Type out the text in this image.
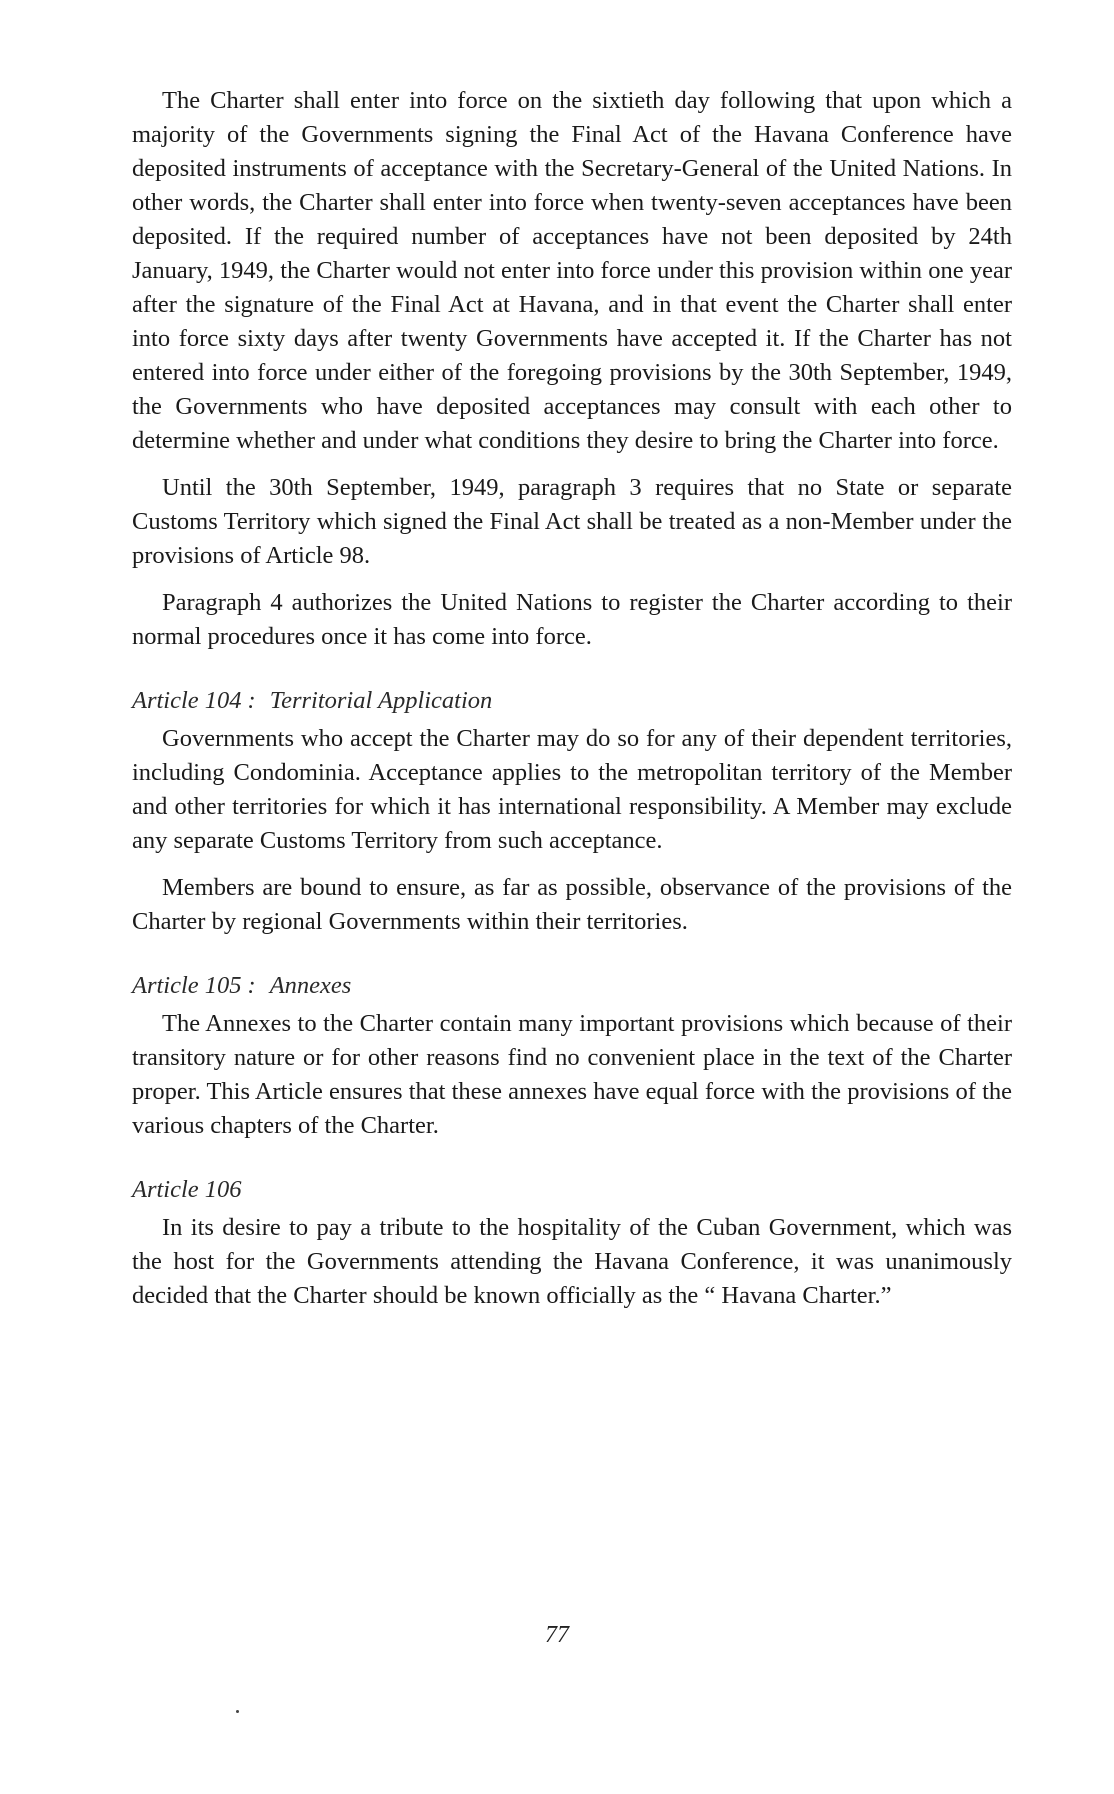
The Charter shall enter into force on the sixtieth day following that upon which a majority of the Governments signing the Final Act of the Havana Conference have deposited instruments of acceptance with the Secretary-General of the United Nations. In other words, the Charter shall enter into force when twenty-seven acceptances have been deposited. If the required number of acceptances have not been deposited by 24th January, 1949, the Charter would not enter into force under this provision within one year after the signature of the Final Act at Havana, and in that event the Charter shall enter into force sixty days after twenty Governments have accepted it. If the Charter has not entered into force under either of the foregoing provisions by the 30th September, 1949, the Governments who have deposited acceptances may consult with each other to determine whether and under what conditions they desire to bring the Charter into force.

Until the 30th September, 1949, paragraph 3 requires that no State or separate Customs Territory which signed the Final Act shall be treated as a non-Member under the provisions of Article 98.

Paragraph 4 authorizes the United Nations to register the Charter according to their normal procedures once it has come into force.

Article 104 : Territorial Application

Governments who accept the Charter may do so for any of their dependent territories, including Condominia. Acceptance applies to the metropolitan territory of the Member and other territories for which it has international responsibility. A Member may exclude any separate Customs Territory from such acceptance.

Members are bound to ensure, as far as possible, observance of the provisions of the Charter by regional Governments within their territories.

Article 105 : Annexes

The Annexes to the Charter contain many important provisions which because of their transitory nature or for other reasons find no convenient place in the text of the Charter proper. This Article ensures that these annexes have equal force with the provisions of the various chapters of the Charter.

Article 106

In its desire to pay a tribute to the hospitality of the Cuban Government, which was the host for the Governments attending the Havana Conference, it was unanimously decided that the Charter should be known officially as the “ Havana Charter.”

77
